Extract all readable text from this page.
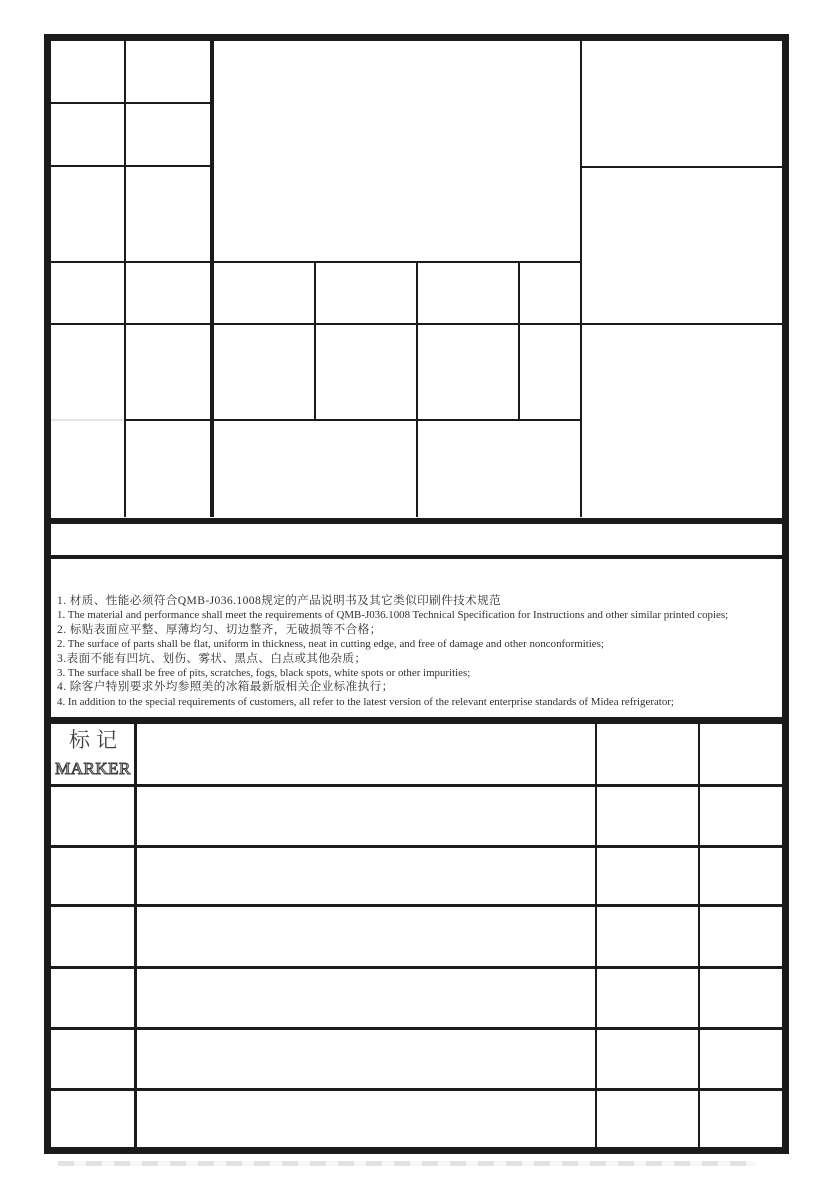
1. 材质、性能必须符合QMB-J036.1008规定的产品说明书及其它类似印刷件技术规范
1. The material and performance shall meet the requirements of QMB-J036.1008 Technical Specification for Instructions and other similar printed copies;
2. 标贴表面应平整、厚薄均匀、切边整齐，无破损等不合格；
2. The surface of parts shall be flat, uniform in thickness, neat in cutting edge, and free of damage and other nonconformities;
3.表面不能有凹坑、划伤、雾状、黑点、白点或其他杂质；
3. The surface shall be free of pits, scratches, fogs, black spots, white spots or other impurities;
4. 除客户特别要求外均参照美的冰箱最新版相关企业标准执行；
4. In addition to the special requirements of customers, all refer to the latest version of the relevant enterprise standards of Midea refrigerator;
标记
MARKER
